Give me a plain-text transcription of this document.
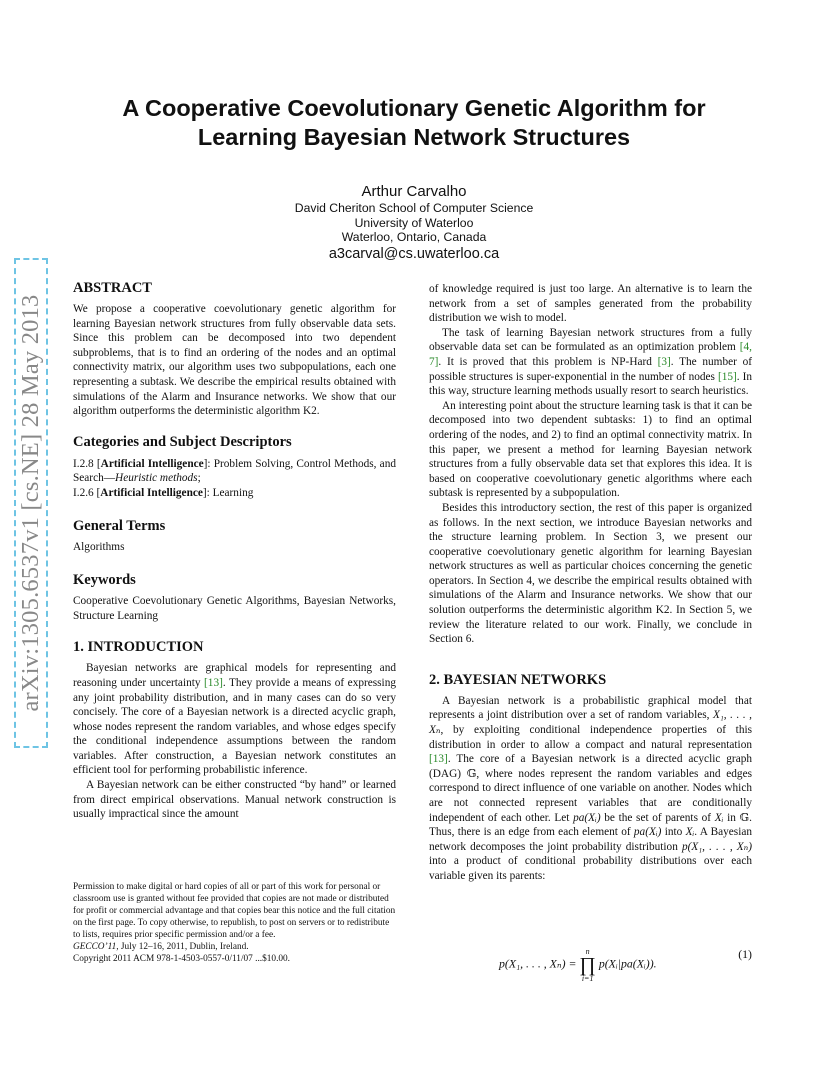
A Cooperative Coevolutionary Genetic Algorithm for
Learning Bayesian Network Structures
Arthur Carvalho
David Cheriton School of Computer Science
University of Waterloo
Waterloo, Ontario, Canada
a3carval@cs.uwaterloo.ca
arXiv:1305.6537v1 [cs.NE] 28 May 2013
ABSTRACT

We propose a cooperative coevolutionary genetic algorithm for learning Bayesian network structures from fully observable data sets. Since this problem can be decomposed into two dependent subproblems, that is to find an ordering of the nodes and an optimal connectivity matrix, our algorithm uses two subpopulations, each one representing a subtask. We describe the empirical results obtained with simulations of the Alarm and Insurance networks. We show that our algorithm outperforms the deterministic algorithm K2.

Categories and Subject Descriptors

I.2.8 [Artificial Intelligence]: Problem Solving, Control Methods, and Search—Heuristic methods;

I.2.6 [Artificial Intelligence]: Learning

General Terms

Algorithms

Keywords

Cooperative Coevolutionary Genetic Algorithms, Bayesian Networks, Structure Learning

1. INTRODUCTION

Bayesian networks are graphical models for representing and reasoning under uncertainty [13]. They provide a means of expressing any joint probability distribution, and in many cases can do so very concisely. The core of a Bayesian network is a directed acyclic graph, whose nodes represent the random variables, and whose edges specify the conditional independence assumptions between the random variables. After construction, a Bayesian network constitutes an efficient tool for performing probabilistic inference.

A Bayesian network can be either constructed “by hand” or learned from direct empirical observations. Manual network construction is usually impractical since the amount

of knowledge required is just too large. An alternative is to learn the network from a set of samples generated from the probability distribution we wish to model.

The task of learning Bayesian network structures from a fully observable data set can be formulated as an optimization problem [4, 7]. It is proved that this problem is NP-Hard [3]. The number of possible structures is super-exponential in the number of nodes [15]. In this way, structure learning methods usually resort to search heuristics.

An interesting point about the structure learning task is that it can be decomposed into two dependent subtasks: 1) to find an optimal ordering of the nodes, and 2) to find an optimal connectivity matrix. In this paper, we present a method for learning Bayesian network structures from a fully observable data set that explores this idea. It is based on cooperative coevolutionary genetic algorithms where each subtask is represented by a subpopulation.

Besides this introductory section, the rest of this paper is organized as follows. In the next section, we introduce Bayesian networks and the structure learning problem. In Section 3, we present our cooperative coevolutionary genetic algorithm for learning Bayesian network structures as well as particular choices concerning the genetic operators. In Section 4, we describe the empirical results obtained with simulations of the Alarm and Insurance networks. We show that our solution outperforms the deterministic algorithm K2. In Section 5, we review the literature related to our work. Finally, we conclude in Section 6.

2. BAYESIAN NETWORKS

A Bayesian network is a probabilistic graphical model that represents a joint distribution over a set of random variables, X₁, . . . , Xₙ, by exploiting conditional independence properties of this distribution in order to allow a compact and natural representation [13]. The core of a Bayesian network is a directed acyclic graph (DAG) 𝔾, where nodes represent the random variables and edges correspond to direct influence of one variable on another. Nodes which are not connected represent variables that are conditionally independent of each other. Let pa(Xᵢ) be the set of parents of Xᵢ in 𝔾. Thus, there is an edge from each element of pa(Xᵢ) into Xᵢ. A Bayesian network decomposes the joint probability distribution p(X₁, . . . , Xₙ) into a product of conditional probability distributions over each variable given its parents:

p(X₁, . . . , Xₙ) =
n
∏
i=1
p(Xᵢ|pa(Xᵢ)).
(1)

Permission to make digital or hard copies of all or part of this work for personal or classroom use is granted without fee provided that copies are not made or distributed for profit or commercial advantage and that copies bear this notice and the full citation on the first page. To copy otherwise, to republish, to post on servers or to redistribute to lists, requires prior specific permission and/or a fee.

GECCO’11, July 12–16, 2011, Dublin, Ireland.

Copyright 2011 ACM 978-1-4503-0557-0/11/07 ...$10.00.
